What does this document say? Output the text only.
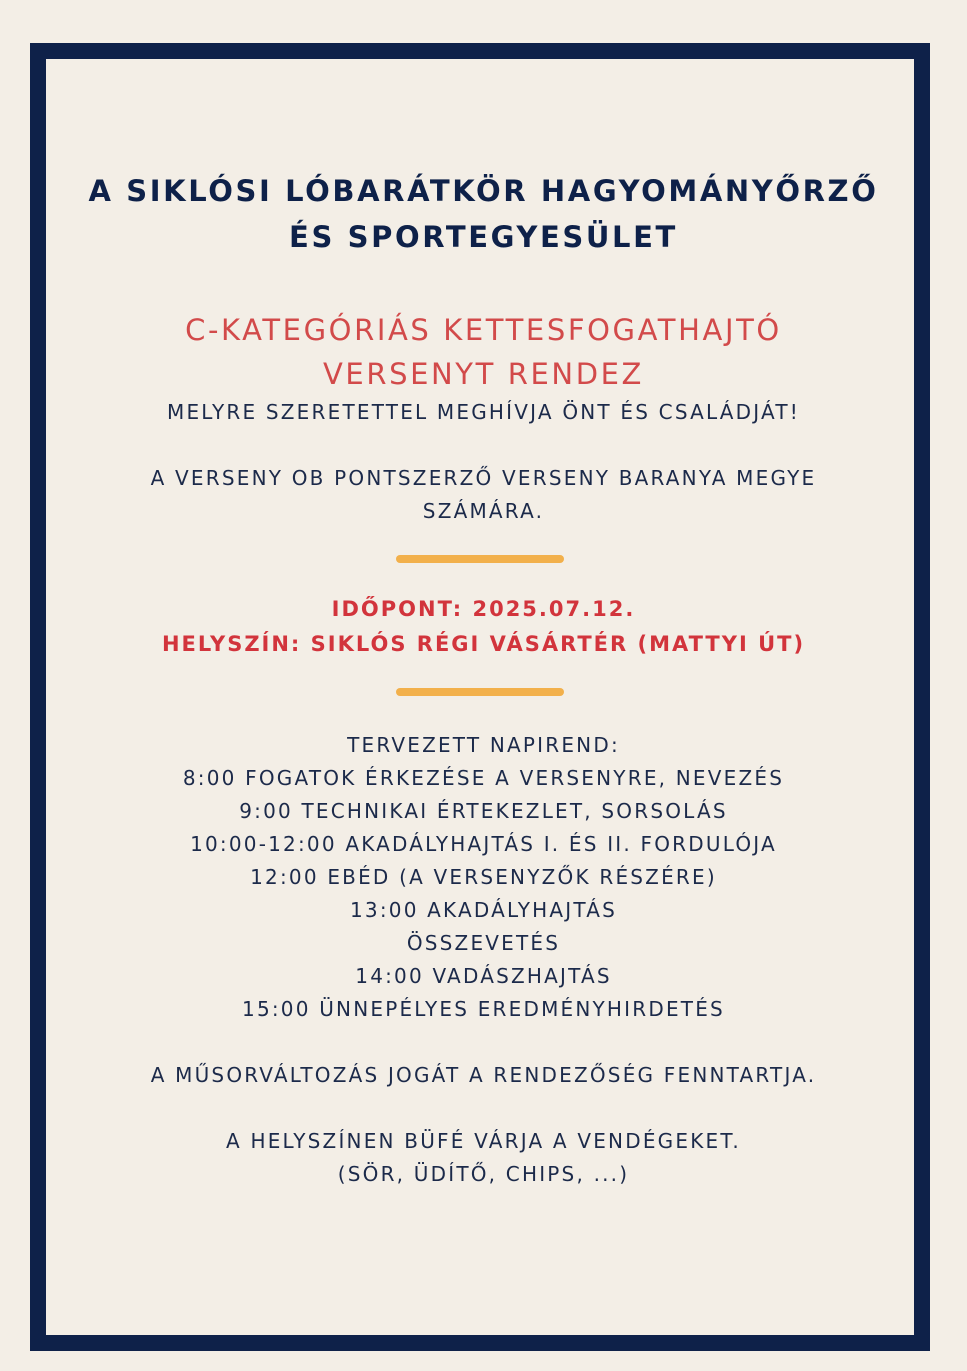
A SIKLÓSI LÓBARÁTKÖR HAGYOMÁNYŐRZŐ
ÉS SPORTEGYESÜLET
C-KATEGÓRIÁS KETTESFOGATHAJTÓ
VERSENYT RENDEZ
MELYRE SZERETETTEL MEGHÍVJA ÖNT ÉS CSALÁDJÁT!
A VERSENY OB PONTSZERZŐ VERSENY BARANYA MEGYE
SZÁMÁRA.
IDŐPONT: 2025.07.12.
HELYSZÍN: SIKLÓS RÉGI VÁSÁRTÉR (MATTYI ÚT)
TERVEZETT NAPIREND:
8:00 FOGATOK ÉRKEZÉSE A VERSENYRE, NEVEZÉS
9:00 TECHNIKAI ÉRTEKEZLET, SORSOLÁS
10:00-12:00 AKADÁLYHAJTÁS I. ÉS II. FORDULÓJA
12:00 EBÉD (A VERSENYZŐK RÉSZÉRE)
13:00 AKADÁLYHAJTÁS
ÖSSZEVETÉS
14:00 VADÁSZHAJTÁS
15:00 ÜNNEPÉLYES EREDMÉNYHIRDETÉS
A MŰSORVÁLTOZÁS JOGÁT A RENDEZŐSÉG FENNTARTJA.
A HELYSZÍNEN BÜFÉ VÁRJA A VENDÉGEKET.
(SÖR, ÜDÍTŐ, CHIPS, ...)
